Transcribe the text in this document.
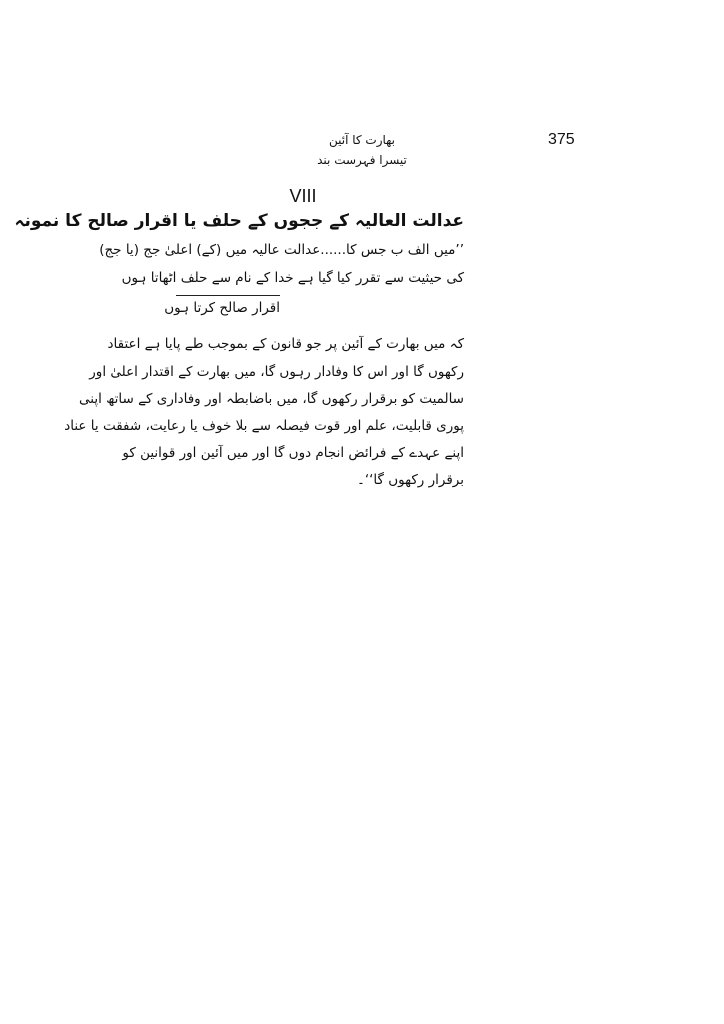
375
بھارت کا آئین
تیسرا فہرست بند
VIII
عدالت العالیہ کے ججوں کے حلف یا اقرار صالح کا نمونہ
’’میں الف ب جس کا......عدالت عالیہ میں (کے) اعلیٰ جج (یا جج)
کی حیثیت سے تقرر کیا گیا ہے خدا کے نام سے حلف اٹھاتا ہوں
اقرار صالح کرتا ہوں
کہ میں بھارت کے آئین پر جو قانون کے بموجب طے پایا ہے اعتقاد
رکھوں گا اور اس کا وفادار رہوں گا، میں بھارت کے اقتدار اعلیٰ اور
سالمیت کو برقرار رکھوں گا، میں باضابطہ اور وفاداری کے ساتھ اپنی
پوری قابلیت، علم اور قوت فیصلہ سے بلا خوف یا رعایت، شفقت یا عناد
اپنے عہدے کے فرائض انجام دوں گا اور میں آئین اور قوانین کو
برقرار رکھوں گا‘‘۔
